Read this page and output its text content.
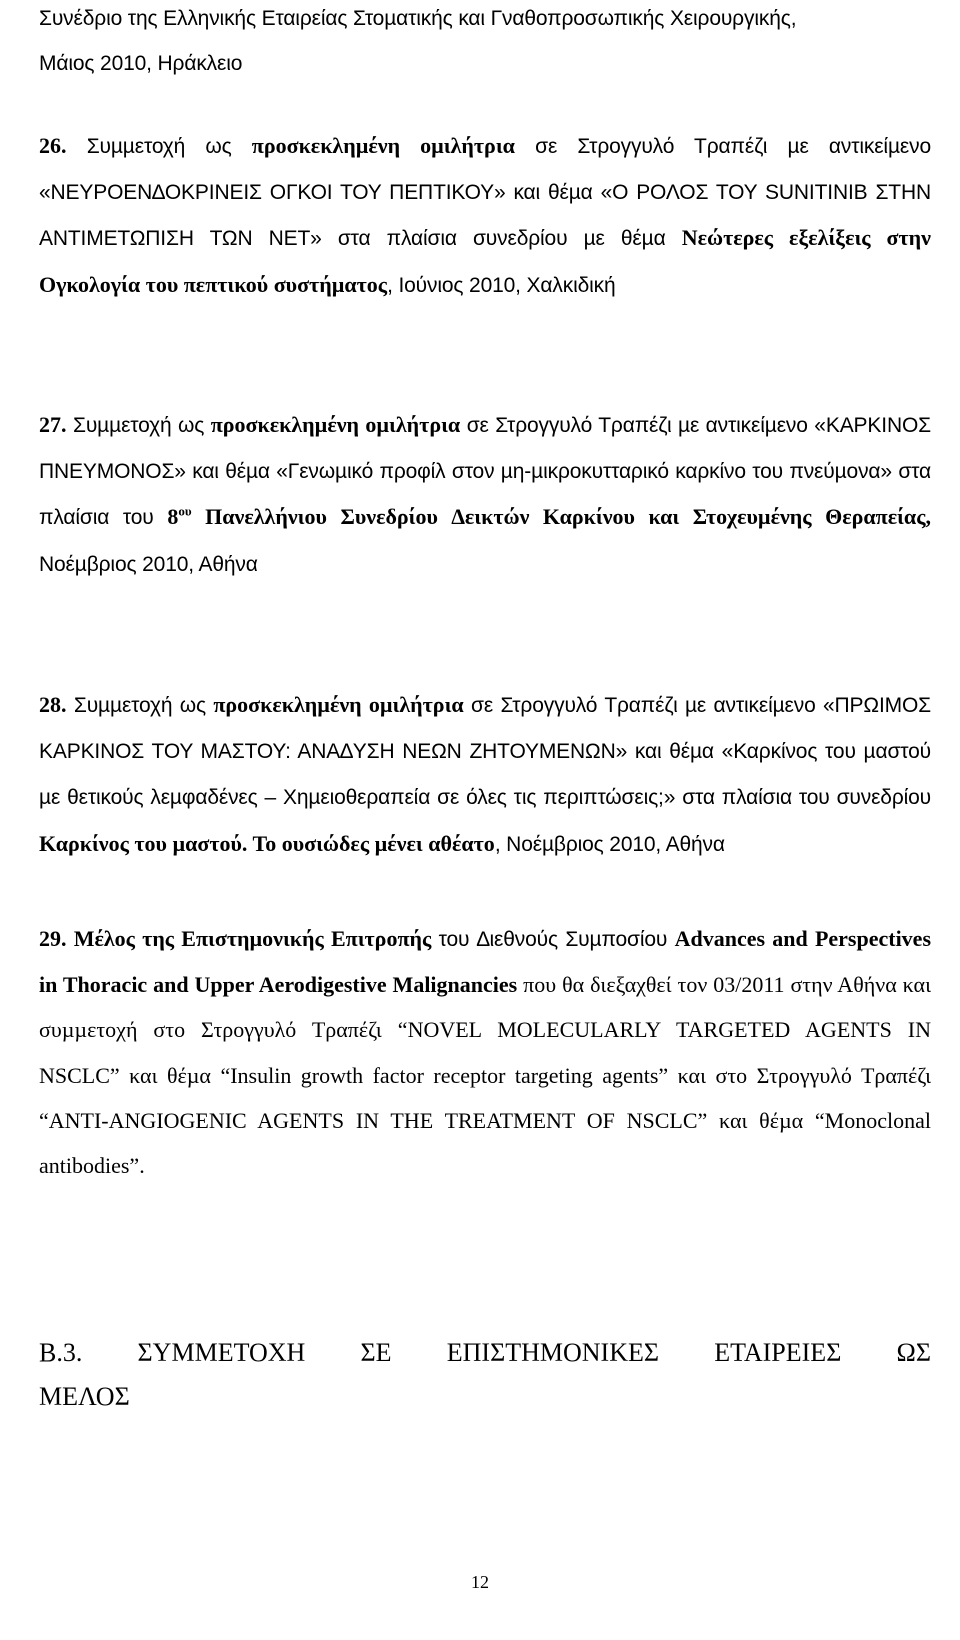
Συνέδριο της Ελληνικής Εταιρείας Στοµατικής και Γναθοπροσωπικής Χειρουργικής,
Μάιος 2010, Ηράκλειο
26. Συµµετοχή ως προσκεκληµένη οµιλήτρια σε Στρογγυλό Τραπέζι µε αντικείµενο «ΝΕΥΡΟΕΝ∆ΟΚΡΙΝΕΙΣ ΟΓΚΟΙ ΤΟΥ ΠΕΠΤΙΚΟΥ» και θέµα «Ο ΡΟΛΟΣ ΤΟΥ SUNITINIB ΣΤΗΝ ΑΝΤΙΜΕΤΩΠΙΣΗ ΤΩΝ ΝΕΤ» στα πλαίσια συνεδρίου µε θέµα Νεώτερες εξελίξεις στην Ογκολογία του πεπτικού συστήµατος, Ιούνιος 2010, Χαλκιδική
27. Συµµετοχή ως προσκεκληµένη οµιλήτρια σε Στρογγυλό Τραπέζι µε αντικείµενο «ΚΑΡΚΙΝΟΣ ΠΝΕΥΜΟΝΟΣ» και θέµα «Γενωµικό προφίλ στον µη-µικροκυτταρικό καρκίνο του πνεύµονα» στα πλαίσια του $8^{o\upsilon}$ Πανελλήνιου Συνεδρίου ∆εικτών Καρκίνου και Στοχευµένης Θεραπείας, Νοέµβριος 2010, Αθήνα
28. Συµµετοχή ως προσκεκληµένη οµιλήτρια σε Στρογγυλό Τραπέζι µε αντικείµενο «ΠΡΩΙΜΟΣ ΚΑΡΚΙΝΟΣ ΤΟΥ ΜΑΣΤΟΥ: ΑΝΑ∆ΥΣΗ ΝΕΩΝ ΖΗΤΟΥΜΕΝΩΝ» και θέµα «Καρκίνος του µαστού µε θετικούς λεµφαδένες – Χηµειοθεραπεία σε όλες τις περιπτώσεις;» στα πλαίσια του συνεδρίου Καρκίνος του µαστού. Το ουσιώδες µένει αθέατο, Νοέµβριος 2010, Αθήνα
29. Μέλος της Επιστηµονικής Επιτροπής του ∆ιεθνούς Συµποσίου Advances and Perspectives in Thoracic and Upper Aerodigestive Malignancies που θα διεξαχθεί τον 03/2011 στην Αθήνα και συµµετοχή στο Στρογγυλό Τραπέζι “NOVEL MOLECULARLY TARGETED AGENTS IN NSCLC” και θέµα “Insulin growth factor receptor targeting agents” και στο Στρογγυλό Τραπέζι “ANTI-ANGIOGENIC AGENTS IN THE TREATMENT OF NSCLC” και θέµα “Monoclonal antibodies”.
Β.3. ΣΥΜΜΕΤΟΧΗ ΣΕ ΕΠΙΣΤΗΜΟΝΙΚΕΣ ΕΤΑΙΡΕΙΕΣ ΩΣ
ΜΕΛΟΣ
12
